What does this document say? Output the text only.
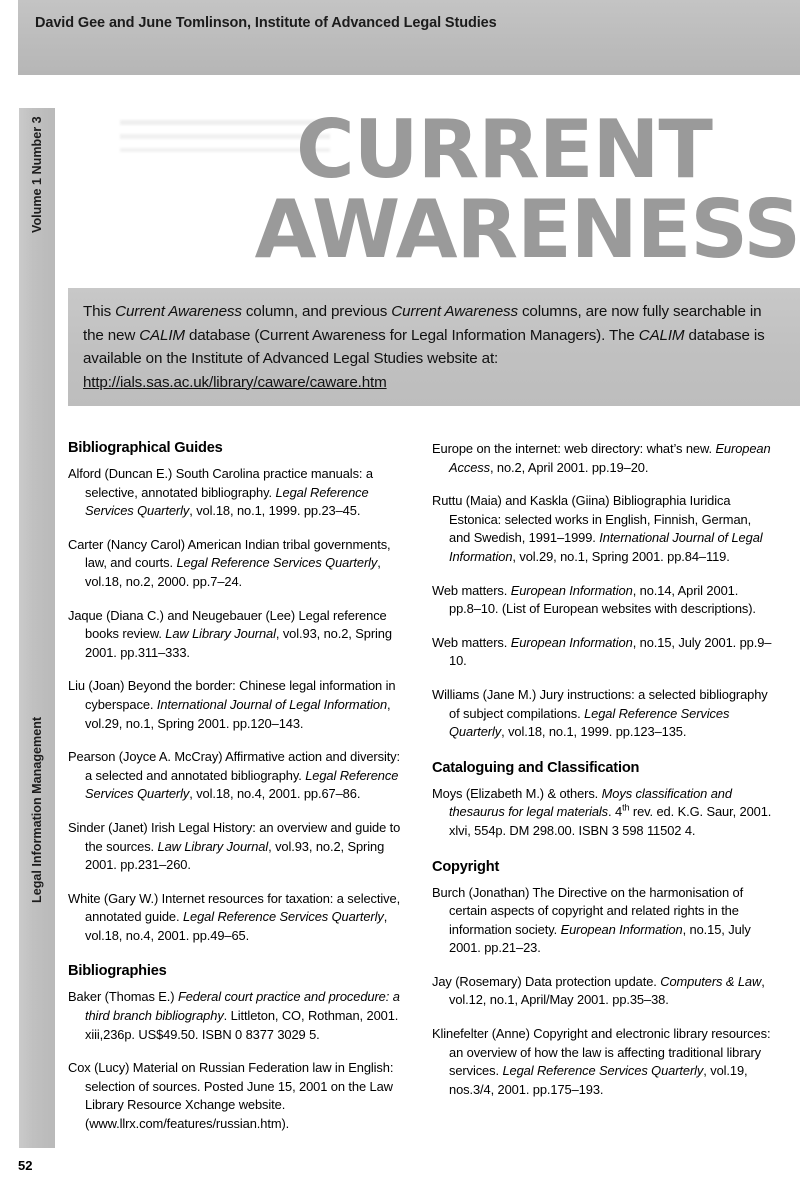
David Gee and June Tomlinson, Institute of Advanced Legal Studies
Volume 1 Number 3
Legal Information Management
CURRENT
AWARENESS

This Current Awareness column, and previous Current Awareness columns, are now fully searchable in the new CALIM database (Current Awareness for Legal Information Managers). The CALIM database is available on the Institute of Advanced Legal Studies website at: http://ials.sas.ac.uk/library/caware/caware.htm

Bibliographical Guides

Alford (Duncan E.) South Carolina practice manuals: a selective, annotated bibliography. Legal Reference Services Quarterly, vol.18, no.1, 1999. pp.23–45.

Carter (Nancy Carol) American Indian tribal governments, law, and courts. Legal Reference Services Quarterly, vol.18, no.2, 2000. pp.7–24.

Jaque (Diana C.) and Neugebauer (Lee) Legal reference books review. Law Library Journal, vol.93, no.2, Spring 2001. pp.311–333.

Liu (Joan) Beyond the border: Chinese legal information in cyberspace. International Journal of Legal Information, vol.29, no.1, Spring 2001. pp.120–143.

Pearson (Joyce A. McCray) Affirmative action and diversity: a selected and annotated bibliography. Legal Reference Services Quarterly, vol.18, no.4, 2001. pp.67–86.

Sinder (Janet) Irish Legal History: an overview and guide to the sources. Law Library Journal, vol.93, no.2, Spring 2001. pp.231–260.

White (Gary W.) Internet resources for taxation: a selective, annotated guide. Legal Reference Services Quarterly, vol.18, no.4, 2001. pp.49–65.

Bibliographies

Baker (Thomas E.) Federal court practice and procedure: a third branch bibliography. Littleton, CO, Rothman, 2001. xiii,236p. US$49.50. ISBN 0 8377 3029 5.

Cox (Lucy) Material on Russian Federation law in English: selection of sources. Posted June 15, 2001 on the Law Library Resource Xchange website. (www.llrx.com/features/russian.htm).

Europe on the internet: web directory: what’s new. European Access, no.2, April 2001. pp.19–20.

Ruttu (Maia) and Kaskla (Giina) Bibliographia Iuridica Estonica: selected works in English, Finnish, German, and Swedish, 1991–1999. International Journal of Legal Information, vol.29, no.1, Spring 2001. pp.84–119.

Web matters. European Information, no.14, April 2001. pp.8–10. (List of European websites with descriptions).

Web matters. European Information, no.15, July 2001. pp.9–10.

Williams (Jane M.) Jury instructions: a selected bibliography of subject compilations. Legal Reference Services Quarterly, vol.18, no.1, 1999. pp.123–135.

Cataloguing and Classification

Moys (Elizabeth M.) & others. Moys classification and thesaurus for legal materials. 4th rev. ed. K.G. Saur, 2001. xlvi, 554p. DM 298.00. ISBN 3 598 11502 4.

Copyright

Burch (Jonathan) The Directive on the harmonisation of certain aspects of copyright and related rights in the information society. European Information, no.15, July 2001. pp.21–23.

Jay (Rosemary) Data protection update. Computers & Law, vol.12, no.1, April/May 2001. pp.35–38.

Klinefelter (Anne) Copyright and electronic library resources: an overview of how the law is affecting traditional library services. Legal Reference Services Quarterly, vol.19, nos.3/4, 2001. pp.175–193.

52
